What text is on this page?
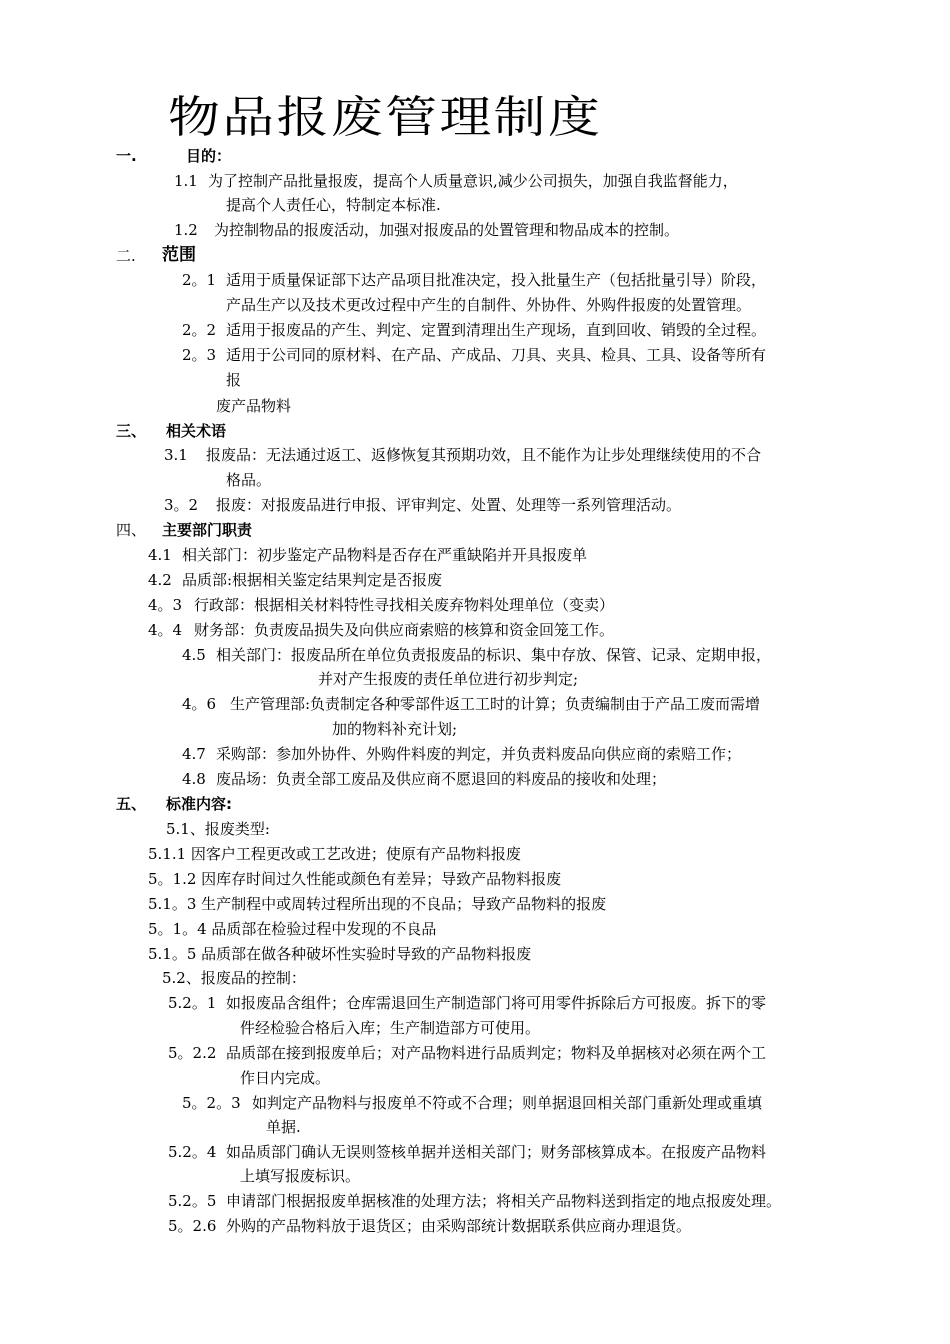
物品报废管理制度
一.	目的：
1.1 为了控制产品批量报废，提高个人质量意识,减少公司损失，加强自我监督能力，
提高个人责任心，特制定本标准.
1.2 为控制物品的报废活动，加强对报废品的处置管理和物品成本的控制。
二. 范围
2。1 适用于质量保证部下达产品项目批准决定，投入批量生产（包括批量引导）阶段，
产品生产以及技术更改过程中产生的自制件、外协件、外购件报废的处置管理。
2。2 适用于报废品的产生、判定、定置到清理出生产现场，直到回收、销毁的全过程。
2。3 适用于公司同的原材料、在产品、产成品、刀具、夹具、检具、工具、设备等所有
报
废产品物料
三、 相关术语
3.1 报废品：无法通过返工、返修恢复其预期功效，且不能作为让步处理继续使用的不合
格品。
3。2 报废：对报废品进行申报、评审判定、处置、处理等一系列管理活动。
四、 主要部门职责
4.1 相关部门：初步鉴定产品物料是否存在严重缺陷并开具报废单
4.2 品质部:根据相关鉴定结果判定是否报废
4。3 行政部：根据相关材料特性寻找相关废弃物料处理单位（变卖）
4。4 财务部：负责废品损失及向供应商索赔的核算和资金回笼工作。
4.5 相关部门：报废品所在单位负责报废品的标识、集中存放、保管、记录、定期申报，
并对产生报废的责任单位进行初步判定;
4。6 生产管理部:负责制定各种零部件返工工时的计算；负责编制由于产品工废而需增
加的物料补充计划;
4.7 采购部：参加外协件、外购件料废的判定，并负责料废品向供应商的索赔工作；
4.8 废品场：负责全部工废品及供应商不愿退回的料废品的接收和处理；
五、 标准内容:
5.1、报废类型:
5.1.1 因客户工程更改或工艺改进；使原有产品物料报废
5。1.2 因库存时间过久性能或颜色有差异；导致产品物料报废
5.1。3 生产制程中或周转过程所出现的不良品；导致产品物料的报废
5。1。4 品质部在检验过程中发现的不良品
5.1。5 品质部在做各种破坏性实验时导致的产品物料报废
5.2、报废品的控制：
5.2。1 如报废品含组件；仓库需退回生产制造部门将可用零件拆除后方可报废。拆下的零
件经检验合格后入库；生产制造部方可使用。
5。2.2 品质部在接到报废单后；对产品物料进行品质判定；物料及单据核对必须在两个工
作日内完成。
5。2。3 如判定产品物料与报废单不符或不合理；则单据退回相关部门重新处理或重填
单据.
5.2。4 如品质部门确认无误则签核单据并送相关部门；财务部核算成本。在报废产品物料
上填写报废标识。
5.2。5 申请部门根据报废单据核准的处理方法；将相关产品物料送到指定的地点报废处理。
5。2.6 外购的产品物料放于退货区；由采购部统计数据联系供应商办理退货。
